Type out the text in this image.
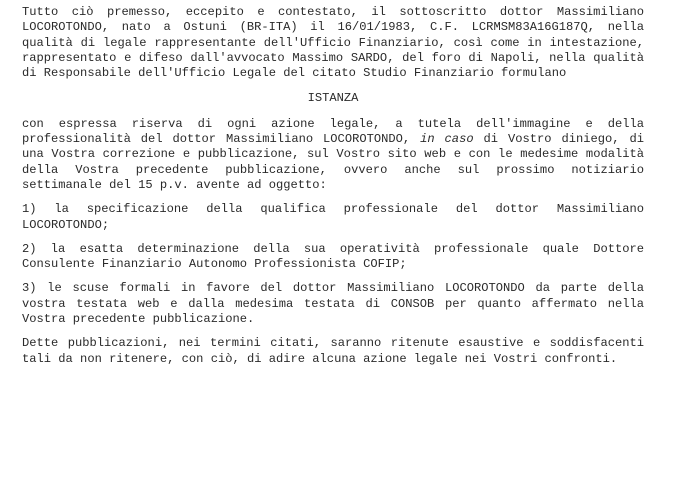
Tutto ciò premesso, eccepito e contestato, il sottoscritto dottor Massimiliano LOCOROTONDO, nato a Ostuni (BR-ITA) il 16/01/1983, C.F. LCRMSM83A16G187Q, nella qualità di legale rappresentante dell'Ufficio Finanziario, così come in intestazione, rappresentato e difeso dall'avvocato Massimo SARDO, del foro di Napoli, nella qualità di Responsabile dell'Ufficio Legale del citato Studio Finanziario formulano

ISTANZA

con espressa riserva di ogni azione legale, a tutela dell'immagine e della professionalità del dottor Massimiliano LOCOROTONDO, in caso di Vostro diniego, di una Vostra correzione e pubblicazione, sul Vostro sito web e con le medesime modalità della Vostra precedente pubblicazione, ovvero anche sul prossimo notiziario settimanale del 15 p.v. avente ad oggetto:

1) la specificazione della qualifica professionale del dottor Massimiliano LOCOROTONDO;

2) la esatta determinazione della sua operatività professionale quale Dottore Consulente Finanziario Autonomo Professionista COFIP;

3) le scuse formali in favore del dottor Massimiliano LOCOROTONDO da parte della vostra testata web e dalla medesima testata di CONSOB per quanto affermato nella Vostra precedente pubblicazione.

Dette pubblicazioni, nei termini citati, saranno ritenute esaustive e soddisfacenti tali da non ritenere, con ciò, di adire alcuna azione legale nei Vostri confronti.
